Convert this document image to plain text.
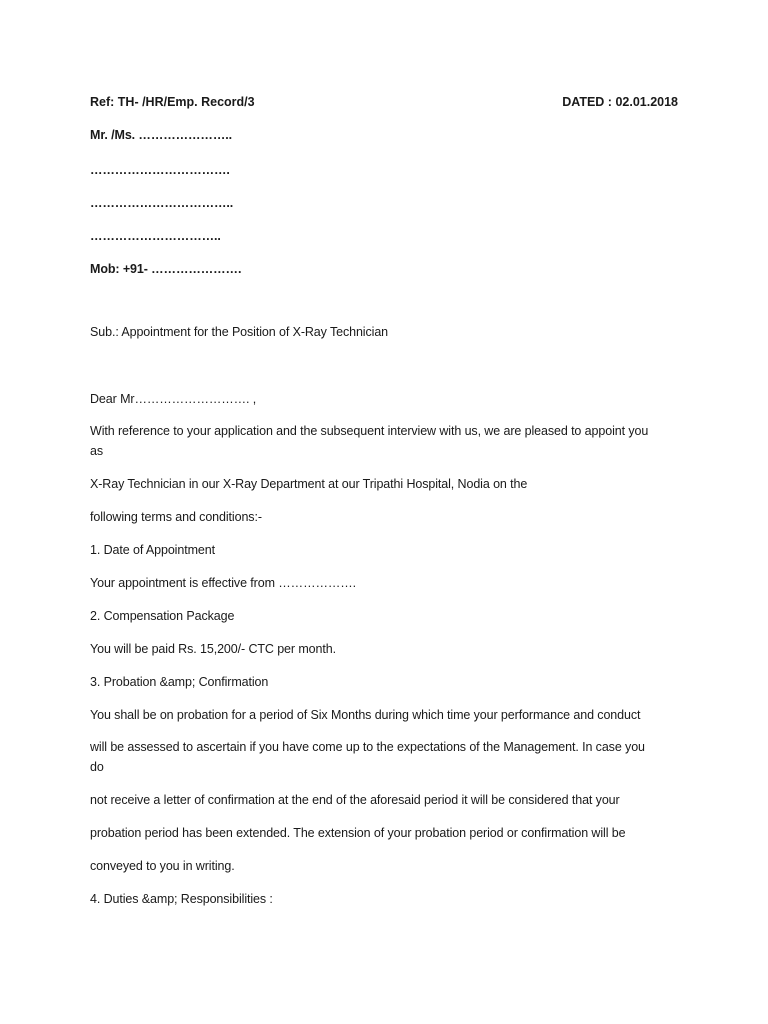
Ref: TH- /HR/Emp. Record/3	DATED : 02.01.2018
Mr. /Ms. …………………..
…………………………….
……………………………..
…………………………..
Mob: +91- ………………….
Sub.: Appointment for the Position of X-Ray Technician
Dear Mr………………………. ,
With reference to your application and the subsequent interview with us, we are pleased to appoint you
as
X-Ray Technician in our X-Ray Department at our Tripathi Hospital, Nodia on the
following terms and conditions:-
1. Date of Appointment
Your appointment is effective from ……………….
2. Compensation Package
You will be paid Rs. 15,200/- CTC per month.
3. Probation &amp; Confirmation
You shall be on probation for a period of Six Months during which time your performance and conduct
will be assessed to ascertain if you have come up to the expectations of the Management. In case you
do
not receive a letter of confirmation at the end of the aforesaid period it will be considered that your
probation period has been extended. The extension of your probation period or confirmation will be
conveyed to you in writing.
4. Duties &amp; Responsibilities :
